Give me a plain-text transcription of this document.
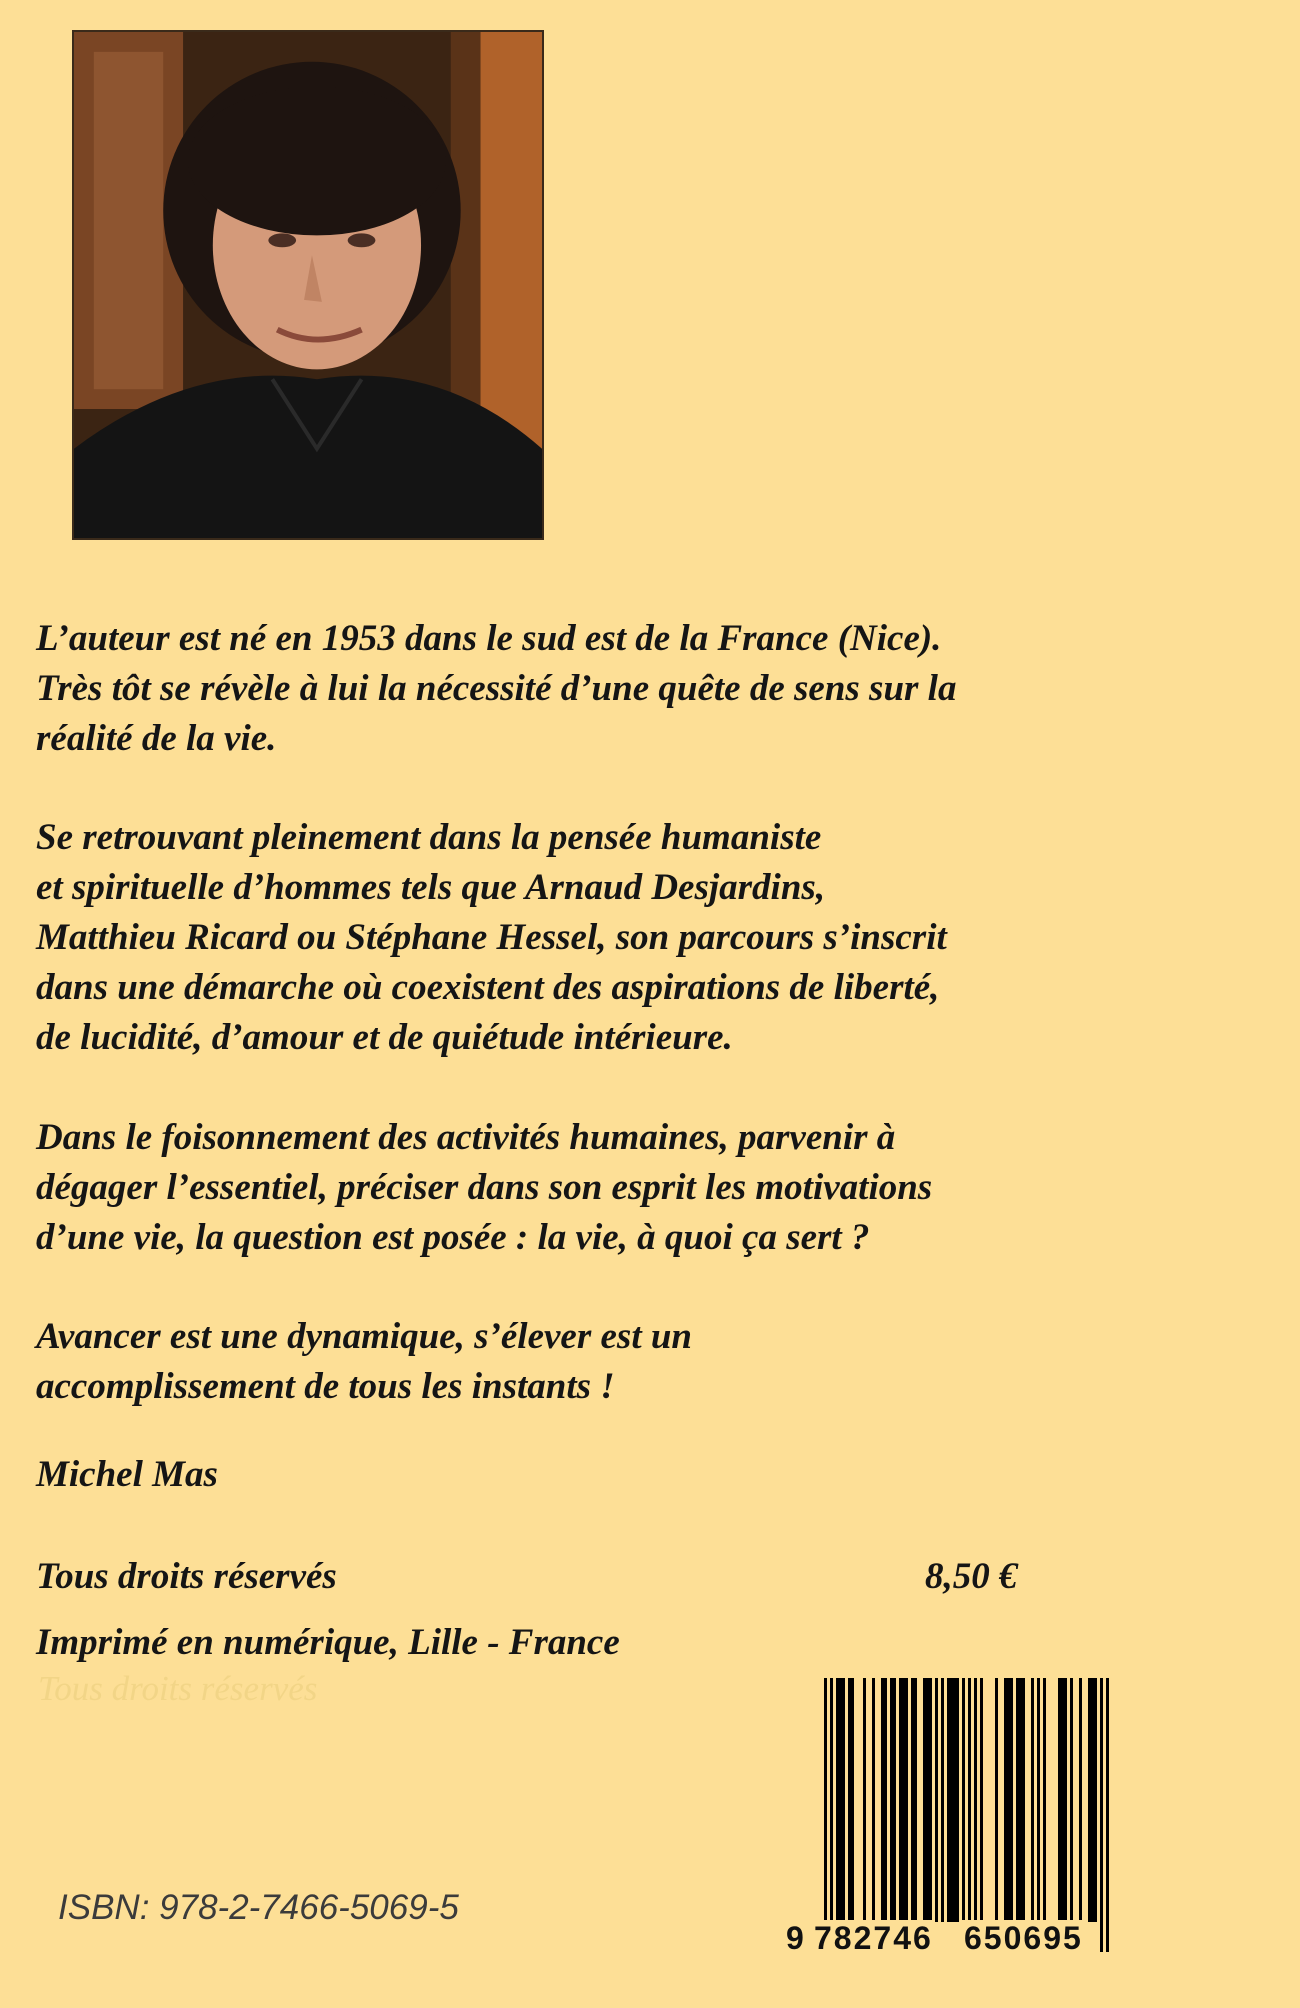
L’auteur est né en 1953 dans le sud est de la France (Nice).
Très tôt se révèle à lui la nécessité d’une quête de sens sur la
réalité de la vie.

Se retrouvant pleinement dans la pensée humaniste
et spirituelle d’hommes tels que Arnaud Desjardins,
Matthieu Ricard ou Stéphane Hessel, son parcours s’inscrit
dans une démarche où coexistent des aspirations de liberté,
de lucidité, d’amour et de quiétude intérieure.

Dans le foisonnement des activités humaines, parvenir à
dégager l’essentiel, préciser dans son esprit les motivations
d’une vie, la question est posée : la vie, à quoi ça sert ?

Avancer est une dynamique, s’élever est un
accomplissement de tous les instants !

Michel Mas

Tous droits réservés	8,50 €

Imprimé en numérique, Lille - France

Tous droits réservés
ISBN: 978-2-7466-5069-5
9 782746 650695
